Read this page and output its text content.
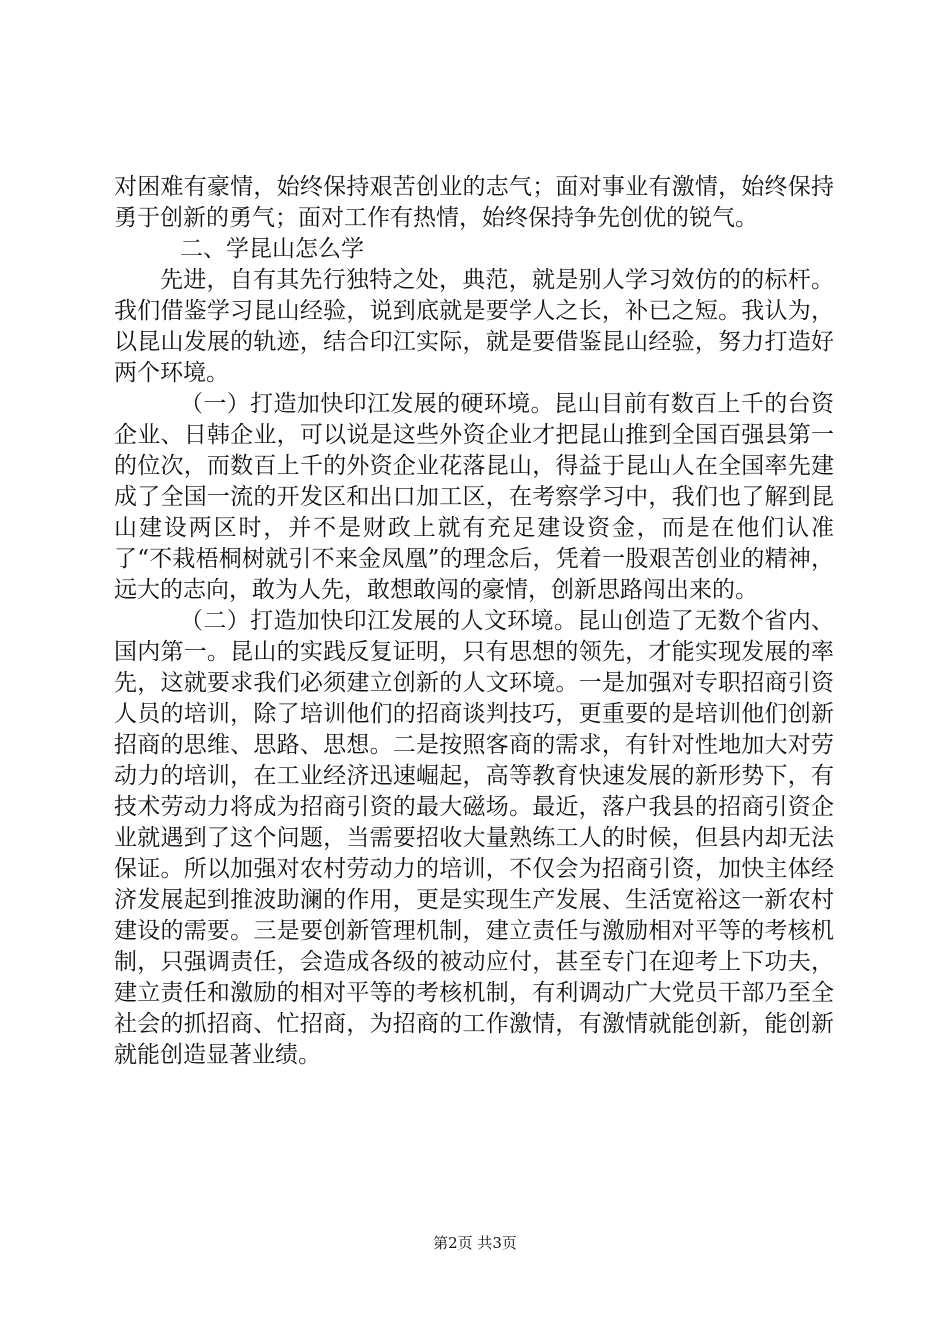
对困难有豪情，始终保持艰苦创业的志气；面对事业有激情，始终保持勇于创新的勇气；面对工作有热情，始终保持争先创优的锐气。

二、学昆山怎么学

先进，自有其先行独特之处，典范，就是别人学习效仿的的标杆。我们借鉴学习昆山经验，说到底就是要学人之长，补已之短。我认为，以昆山发展的轨迹，结合印江实际，就是要借鉴昆山经验，努力打造好两个环境。

（一）打造加快印江发展的硬环境。昆山目前有数百上千的台资企业、日韩企业，可以说是这些外资企业才把昆山推到全国百强县第一的位次，而数百上千的外资企业花落昆山，得益于昆山人在全国率先建成了全国一流的开发区和出口加工区，在考察学习中，我们也了解到昆山建设两区时，并不是财政上就有充足建设资金，而是在他们认准了“不栽梧桐树就引不来金凤凰”的理念后，凭着一股艰苦创业的精神，远大的志向，敢为人先，敢想敢闯的豪情，创新思路闯出来的。

（二）打造加快印江发展的人文环境。昆山创造了无数个省内、国内第一。昆山的实践反复证明，只有思想的领先，才能实现发展的率先，这就要求我们必须建立创新的人文环境。一是加强对专职招商引资人员的培训，除了培训他们的招商谈判技巧，更重要的是培训他们创新招商的思维、思路、思想。二是按照客商的需求，有针对性地加大对劳动力的培训，在工业经济迅速崛起，高等教育快速发展的新形势下，有技术劳动力将成为招商引资的最大磁场。最近，落户我县的招商引资企业就遇到了这个问题，当需要招收大量熟练工人的时候，但县内却无法保证。所以加强对农村劳动力的培训，不仅会为招商引资，加快主体经济发展起到推波助澜的作用，更是实现生产发展、生活宽裕这一新农村建设的需要。三是要创新管理机制，建立责任与激励相对平等的考核机制，只强调责任，会造成各级的被动应付，甚至专门在迎考上下功夫，建立责任和激励的相对平等的考核机制，有利调动广大党员干部乃至全社会的抓招商、忙招商，为招商的工作激情，有激情就能创新，能创新就能创造显著业绩。

第2页 共3页
